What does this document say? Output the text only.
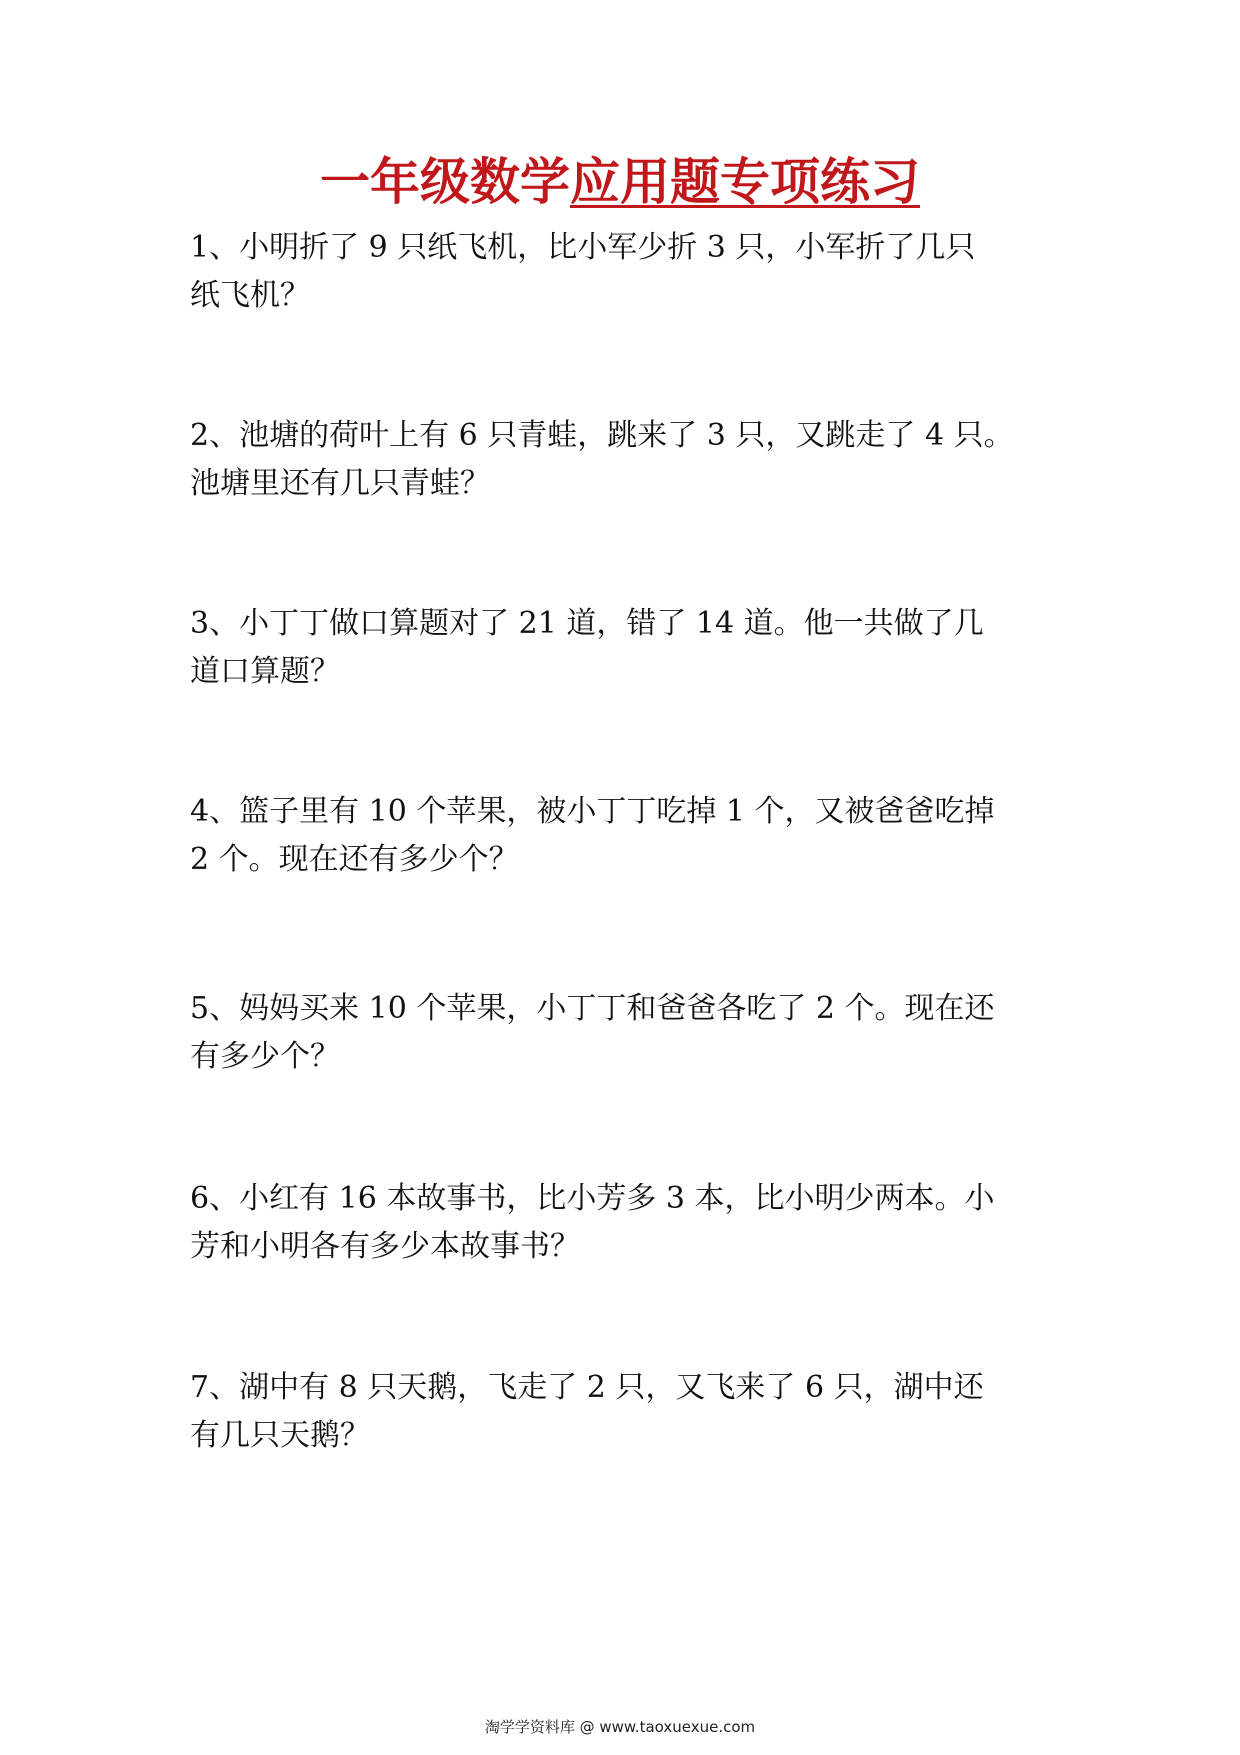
一年级数学应用题专项练习
1、小明折了 9 只纸飞机，比小军少折 3 只，小军折了几只
纸飞机？
2、池塘的荷叶上有 6 只青蛙，跳来了 3 只，又跳走了 4 只。
池塘里还有几只青蛙？
3、小丁丁做口算题对了 21 道，错了 14 道。他一共做了几
道口算题？
4、篮子里有 10 个苹果，被小丁丁吃掉 1 个，又被爸爸吃掉
2 个。现在还有多少个？
5、妈妈买来 10 个苹果，小丁丁和爸爸各吃了 2 个。现在还
有多少个？
6、小红有 16 本故事书，比小芳多 3 本，比小明少两本。小
芳和小明各有多少本故事书？
7、湖中有 8 只天鹅，飞走了 2 只，又飞来了 6 只，湖中还
有几只天鹅？
淘学学资料库 @ www.taoxuexue.com
